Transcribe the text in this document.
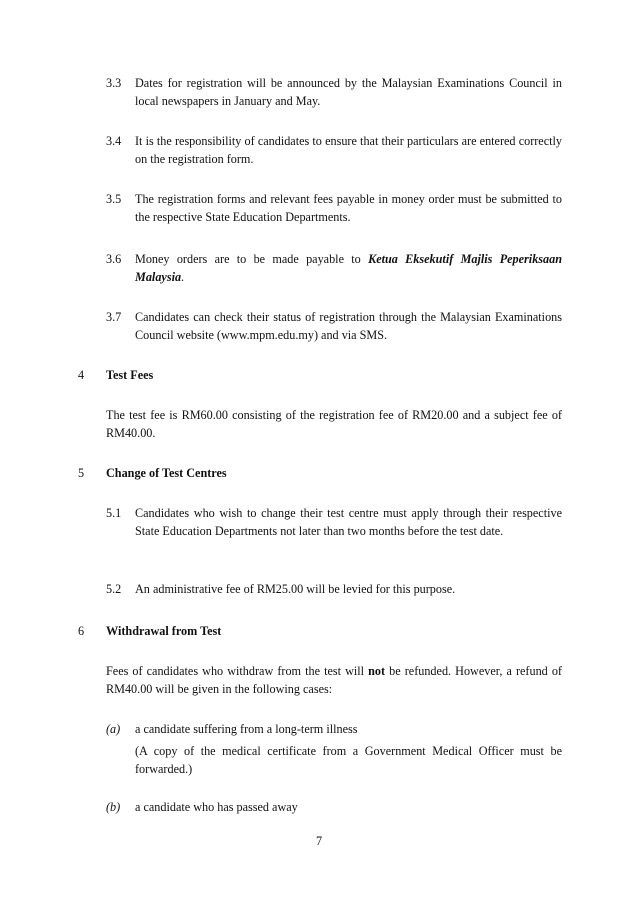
3.3 Dates for registration will be announced by the Malaysian Examinations Council in local newspapers in January and May.
3.4 It is the responsibility of candidates to ensure that their particulars are entered correctly on the registration form.
3.5 The registration forms and relevant fees payable in money order must be submitted to the respective State Education Departments.
3.6 Money orders are to be made payable to Ketua Eksekutif Majlis Peperiksaan Malaysia.
3.7 Candidates can check their status of registration through the Malaysian Examinations Council website (www.mpm.edu.my) and via SMS.
4 Test Fees
The test fee is RM60.00 consisting of the registration fee of RM20.00 and a subject fee of RM40.00.
5 Change of Test Centres
5.1 Candidates who wish to change their test centre must apply through their respective State Education Departments not later than two months before the test date.
5.2 An administrative fee of RM25.00 will be levied for this purpose.
6 Withdrawal from Test
Fees of candidates who withdraw from the test will not be refunded. However, a refund of RM40.00 will be given in the following cases:
(a) a candidate suffering from a long-term illness
(A copy of the medical certificate from a Government Medical Officer must be forwarded.)
(b) a candidate who has passed away
7
